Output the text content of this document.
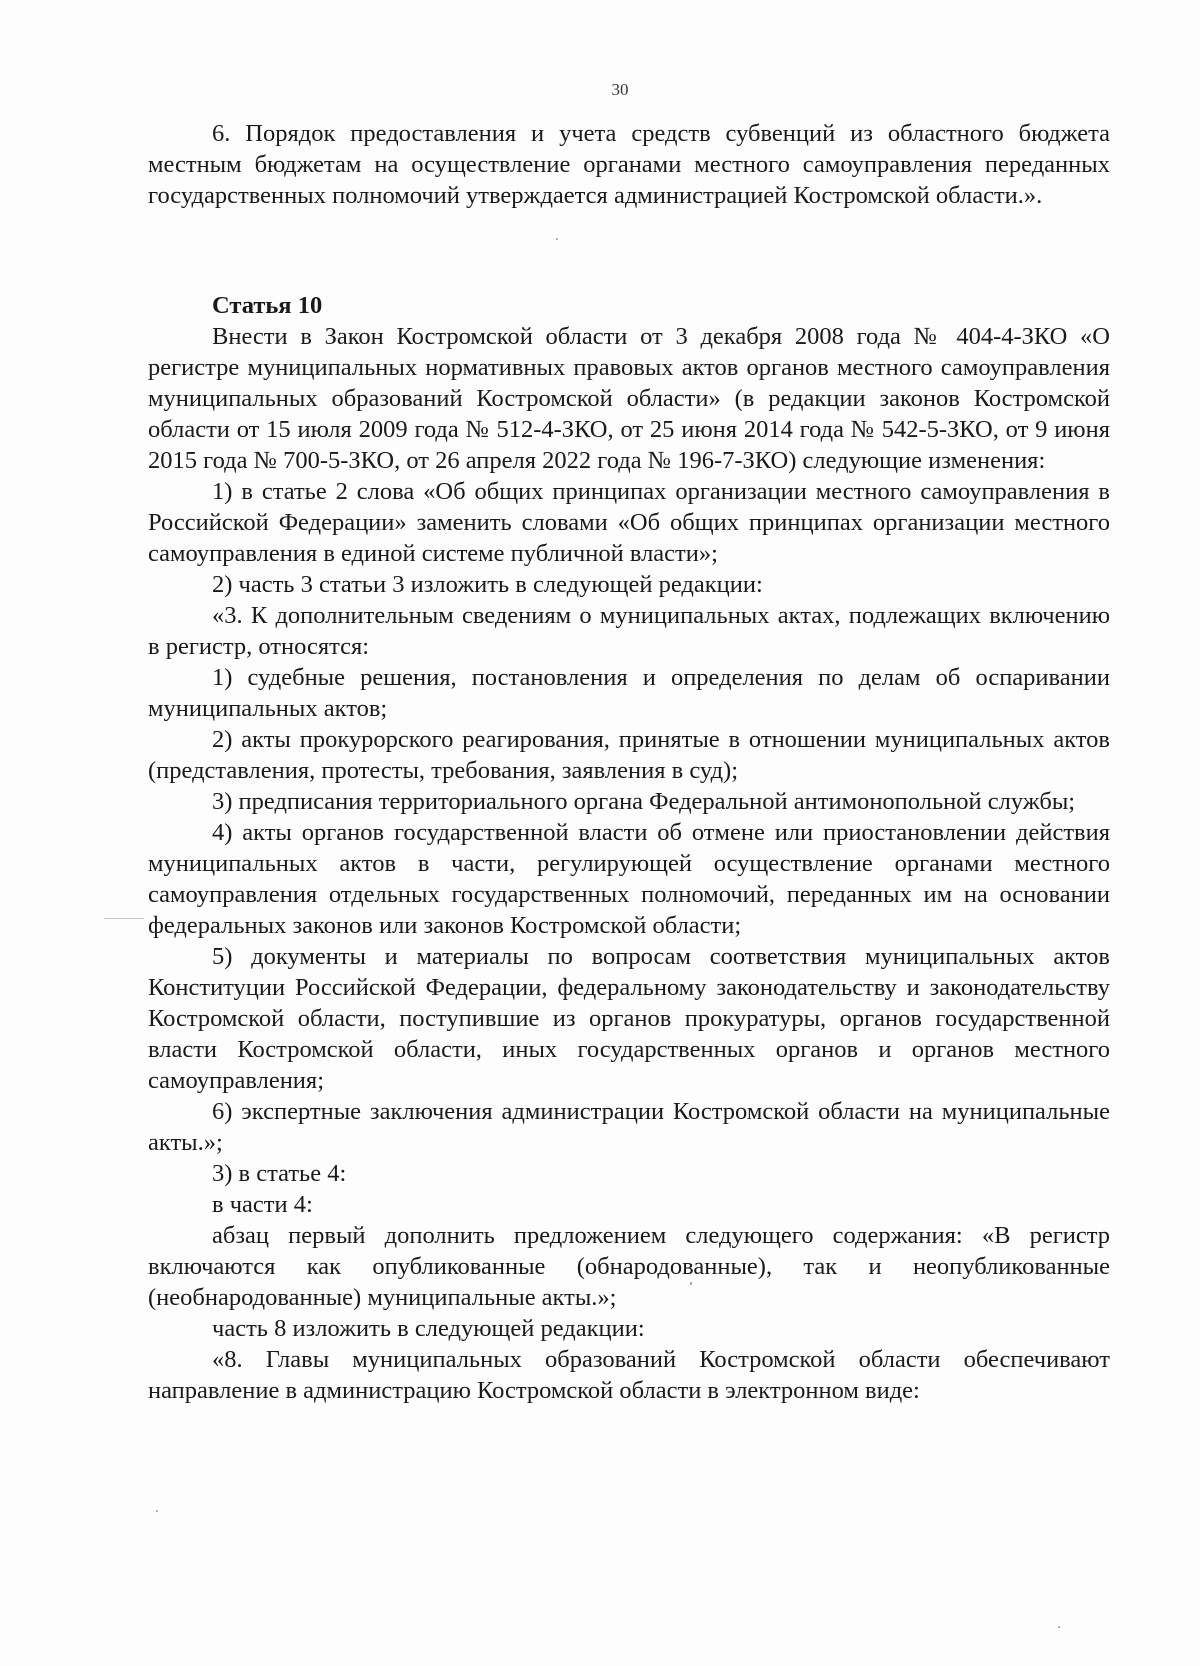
30

6. Порядок предоставления и учета средств субвенций из областного бюджета местным бюджетам на осуществление органами местного самоуправления переданных государственных полномочий утверждается администрацией Костромской области.».

Статья 10

Внести в Закон Костромской области от 3 декабря 2008 года № 404-4-ЗКО «О регистре муниципальных нормативных правовых актов органов местного самоуправления муниципальных образований Костромской области» (в редакции законов Костромской области от 15 июля 2009 года № 512-4-ЗКО, от 25 июня 2014 года № 542-5-ЗКО, от 9 июня 2015 года № 700-5-ЗКО, от 26 апреля 2022 года № 196-7-ЗКО) следующие изменения:

1) в статье 2 слова «Об общих принципах организации местного самоуправления в Российской Федерации» заменить словами «Об общих принципах организации местного самоуправления в единой системе публичной власти»;

2) часть 3 статьи 3 изложить в следующей редакции:

«3. К дополнительным сведениям о муниципальных актах, подлежащих включению в регистр, относятся:

1) судебные решения, постановления и определения по делам об оспаривании муниципальных актов;

2) акты прокурорского реагирования, принятые в отношении муниципальных актов (представления, протесты, требования, заявления в суд);

3) предписания территориального органа Федеральной антимонопольной службы;

4) акты органов государственной власти об отмене или приостановлении действия муниципальных актов в части, регулирующей осуществление органами местного самоуправления отдельных государственных полномочий, переданных им на основании федеральных законов или законов Костромской области;

5) документы и материалы по вопросам соответствия муниципальных актов Конституции Российской Федерации, федеральному законодательству и законодательству Костромской области, поступившие из органов прокуратуры, органов государственной власти Костромской области, иных государственных органов и органов местного самоуправления;

6) экспертные заключения администрации Костромской области на муниципальные акты.»;

3) в статье 4:

в части 4:

абзац первый дополнить предложением следующего содержания: «В регистр включаются как опубликованные (обнародованные), так и неопубликованные (необнародованные) муниципальные акты.»;

часть 8 изложить в следующей редакции:

«8. Главы муниципальных образований Костромской области обеспечивают направление в администрацию Костромской области в электронном виде:
